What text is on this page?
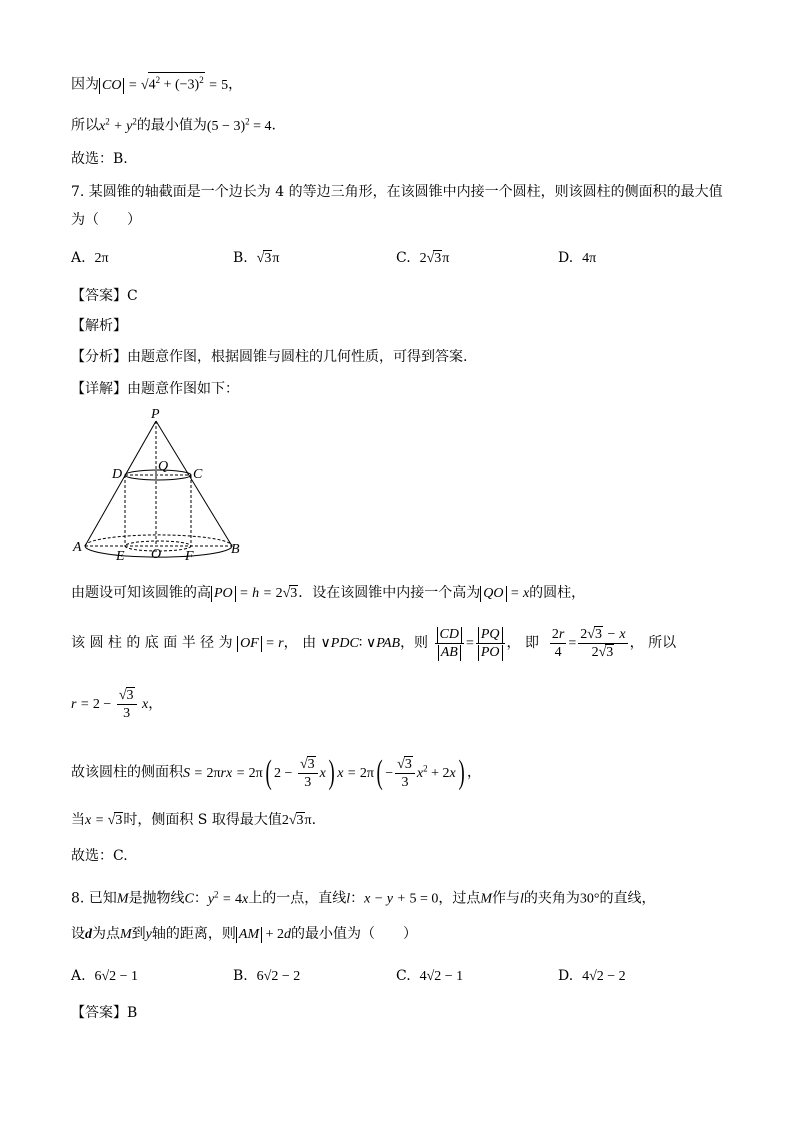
因为 CO = $√4^2 + (-3)^2 = 5$，
所以$x^2 + y^2$的最小值为$(5 - 3)^2 = 4$.
故选：B.
7. 某圆锥的轴截面是一个边长为 4 的等边三角形，在该圆锥中内接一个圆柱，则该圆柱的侧面积的最大值
为（　　）
A. 2π	B. √3π	C. 2√3π	D. 4π
【答案】C
【解析】
【分析】由题意作图，根据圆锥与圆柱的几何性质，可得到答案.
【详解】由题意作图如下：
P
Q
D	C
A
E O F	B
由题设可知该圆锥的高 PO = h = 2√3．设在该圆锥中内接一个高为 QO = x的圆柱，
该 圆 柱 的 底 面 半 径 为 OF = r， 由 ∨PDC∶ ∨PAB，则 $\frac{CD}{AB} = \frac{PQ}{PO}$ ， 即 $\frac{2r}{4} = \frac{2√3 - x}{2√3}$ ， 所以
$r = 2 - \frac{√3}{3}$ x，
故该圆柱的侧面积S = 2πrx = 2π( $2 - \frac{√3}{3} x$) $x = 2\pi( - \frac{√3}{3} x^2 + 2x)$ ，
当x = √3时，侧面积 S 取得最大值2√3π.
故选：C.
8. 已知M是抛物线C：$y^2 = 4x$上的一点，直线l：x − y + 5 = 0，过点M作与l的夹角为30°的直线，
设d为点M到y轴的距离，则 AM + 2d的最小值为（　　）
A. 6√2 − 1	B. 6√2 − 2	C. 4√2 − 1	D. 4√2 − 2
【答案】B
